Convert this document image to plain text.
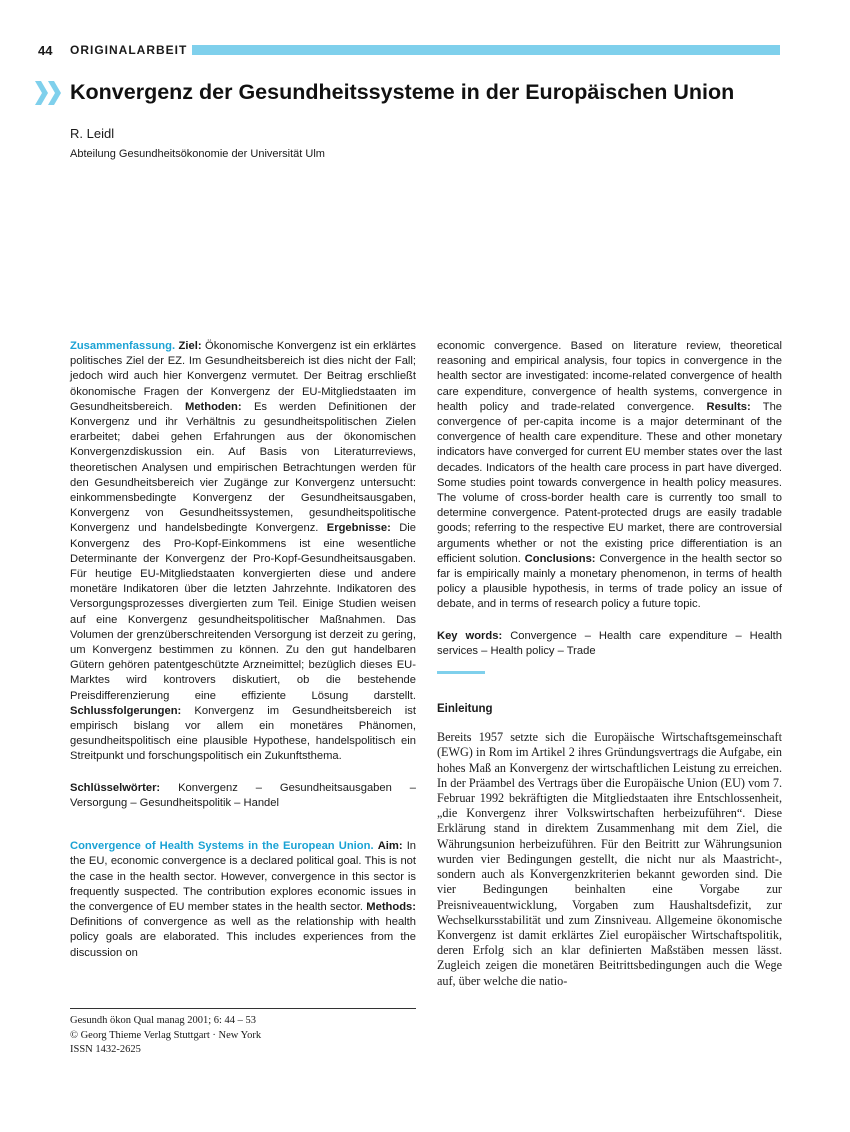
44 ORIGINALARBEIT
Konvergenz der Gesundheitssysteme in der Europäischen Union
R. Leidl
Abteilung Gesundheitsökonomie der Universität Ulm

Zusammenfassung. Ziel: Ökonomische Konvergenz ist ein erklärtes politisches Ziel der EZ. Im Gesundheitsbereich ist dies nicht der Fall; jedoch wird auch hier Konvergenz vermutet. Der Beitrag erschließt ökonomische Fragen der Konvergenz der EU-Mitgliedstaaten im Gesundheitsbereich. Methoden: Es werden Definitionen der Konvergenz und ihr Verhältnis zu gesundheitspolitischen Zielen erarbeitet; dabei gehen Erfahrungen aus der ökonomischen Konvergenzdiskussion ein. Auf Basis von Literaturreviews, theoretischen Analysen und empirischen Betrachtungen werden für den Gesundheitsbereich vier Zugänge zur Konvergenz untersucht: einkommensbedingte Konvergenz der Gesundheitsausgaben, Konvergenz von Gesundheitssystemen, gesundheitspolitische Konvergenz und handelsbedingte Konvergenz. Ergebnisse: Die Konvergenz des Pro-Kopf-Einkommens ist eine wesentliche Determinante der Konvergenz der Pro-Kopf-Gesundheitsausgaben. Für heutige EU-Mitgliedstaaten konvergierten diese und andere monetäre Indikatoren über die letzten Jahrzehnte. Indikatoren des Versorgungsprozesses divergierten zum Teil. Einige Studien weisen auf eine Konvergenz gesundheitspolitischer Maßnahmen. Das Volumen der grenzüberschreitenden Versorgung ist derzeit zu gering, um Konvergenz bestimmen zu können. Zu den gut handelbaren Gütern gehören patentgeschützte Arzneimittel; bezüglich dieses EU-Marktes wird kontrovers diskutiert, ob die bestehende Preisdifferenzierung eine effiziente Lösung darstellt. Schlussfolgerungen: Konvergenz im Gesundheitsbereich ist empirisch bislang vor allem ein monetäres Phänomen, gesundheitspolitisch eine plausible Hypothese, handelspolitisch ein Streitpunkt und forschungspolitisch ein Zukunftsthema.

Schlüsselwörter: Konvergenz – Gesundheitsausgaben – Versorgung – Gesundheitspolitik – Handel

Convergence of Health Systems in the European Union. Aim: In the EU, economic convergence is a declared political goal. This is not the case in the health sector. However, convergence in this sector is frequently suspected. The contribution explores economic issues in the convergence of EU member states in the health sector. Methods: Definitions of convergence as well as the relationship with health policy goals are elaborated. This includes experiences from the discussion on

economic convergence. Based on literature review, theoretical reasoning and empirical analysis, four topics in convergence in the health sector are investigated: income-related convergence of health care expenditure, convergence of health systems, convergence in health policy and trade-related convergence. Results: The convergence of per-capita income is a major determinant of the convergence of health care expenditure. These and other monetary indicators have converged for current EU member states over the last decades. Indicators of the health care process in part have diverged. Some studies point towards convergence in health policy measures. The volume of cross-border health care is currently too small to determine convergence. Patent-protected drugs are easily tradable goods; referring to the respective EU market, there are controversial arguments whether or not the existing price differentiation is an efficient solution. Conclusions: Convergence in the health sector so far is empirically mainly a monetary phenomenon, in terms of health policy a plausible hypothesis, in terms of trade policy an issue of debate, and in terms of research policy a future topic.

Key words: Convergence – Health care expenditure – Health services – Health policy – Trade

Einleitung

Bereits 1957 setzte sich die Europäische Wirtschaftsgemeinschaft (EWG) in Rom im Artikel 2 ihres Gründungsvertrags die Aufgabe, ein hohes Maß an Konvergenz der wirtschaftlichen Leistung zu erreichen. In der Präambel des Vertrags über die Europäische Union (EU) vom 7. Februar 1992 bekräftigten die Mitgliedstaaten ihre Entschlossenheit, „die Konvergenz ihrer Volkswirtschaften herbeizuführen“. Diese Erklärung stand in direktem Zusammenhang mit dem Ziel, die Währungsunion herbeizuführen. Für den Beitritt zur Währungsunion wurden vier Bedingungen gestellt, die nicht nur als Maastricht-, sondern auch als Konvergenzkriterien bekannt geworden sind. Die vier Bedingungen beinhalten eine Vorgabe zur Preisniveauentwicklung, Vorgaben zum Haushaltsdefizit, zur Wechselkursstabilität und zum Zinsniveau. Allgemeine ökonomische Konvergenz ist damit erklärtes Ziel europäischer Wirtschaftspolitik, deren Erfolg sich an klar definierten Maßstäben messen lässt. Zugleich zeigen die monetären Beitrittsbedingungen auch die Wege auf, über welche die natio-

Gesundh ökon Qual manag 2001; 6: 44 – 53
© Georg Thieme Verlag Stuttgart · New York
ISSN 1432-2625
